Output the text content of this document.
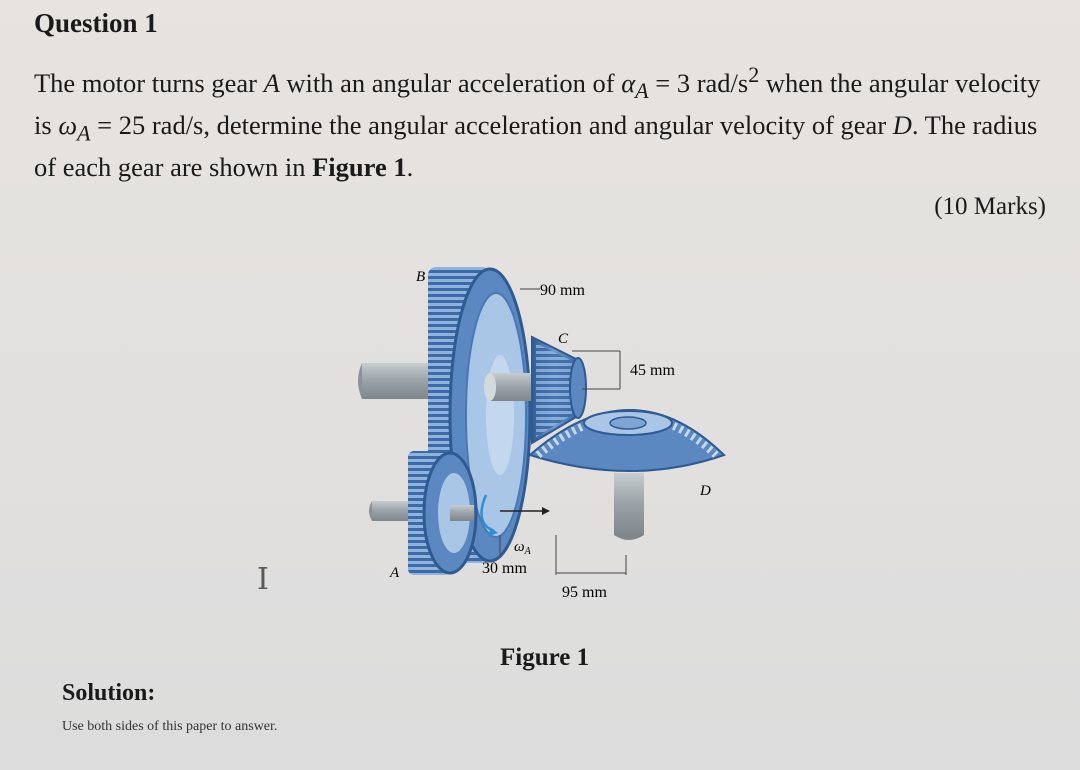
Question 1

The motor turns gear A with an angular acceleration of $\alpha_A = 3$ rad/$s^2$ when the angular velocity is $\omega_A = 25$ rad/s, determine the angular acceleration and angular velocity of gear D. The radius of each gear are shown in Figure 1.

(10 Marks)
I
B
90 mm
C
45 mm
D
A
$\omega_A$
30 mm
95 mm
Figure 1
Solution:
Use both sides of this paper to answer.
